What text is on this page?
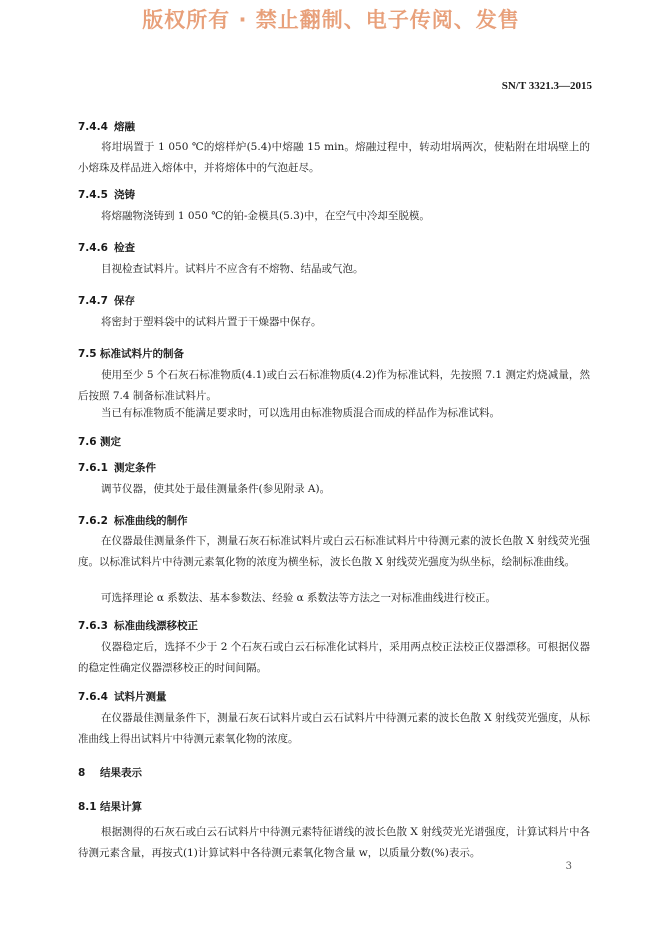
版权所有 · 禁止翻制、电子传阅、发售
SN/T 3321.3—2015
7.4.4 熔融
将坩埚置于 1 050 ℃的熔样炉(5.4)中熔融 15 min。熔融过程中，转动坩埚两次，使粘附在坩埚壁上的小熔珠及样品进入熔体中，并将熔体中的气泡赶尽。
7.4.5 浇铸
将熔融物浇铸到 1 050 ℃的铂-金模具(5.3)中，在空气中冷却至脱模。
7.4.6 检查
目视检查试料片。试料片不应含有不熔物、结晶或气泡。
7.4.7 保存
将密封于塑料袋中的试料片置于干燥器中保存。
7.5 标准试料片的制备
使用至少 5 个石灰石标准物质(4.1)或白云石标准物质(4.2)作为标准试料，先按照 7.1 测定灼烧减量，然后按照 7.4 制备标准试料片。
当已有标准物质不能满足要求时，可以选用由标准物质混合而成的样品作为标准试料。
7.6 测定
7.6.1 测定条件
调节仪器，使其处于最佳测量条件(参见附录 A)。
7.6.2 标准曲线的制作
在仪器最佳测量条件下，测量石灰石标准试料片或白云石标准试料片中待测元素的波长色散 X 射线荧光强度。以标准试料片中待测元素氧化物的浓度为横坐标，波长色散 X 射线荧光强度为纵坐标，绘制标准曲线。
可选择理论 α 系数法、基本参数法、经验 α 系数法等方法之一对标准曲线进行校正。
7.6.3 标准曲线漂移校正
仪器稳定后，选择不少于 2 个石灰石或白云石标准化试料片，采用两点校正法校正仪器漂移。可根据仪器的稳定性确定仪器漂移校正的时间间隔。
7.6.4 试料片测量
在仪器最佳测量条件下，测量石灰石试料片或白云石试料片中待测元素的波长色散 X 射线荧光强度，从标准曲线上得出试料片中待测元素氧化物的浓度。
8 结果表示
8.1 结果计算
根据测得的石灰石或白云石试料片中待测元素特征谱线的波长色散 X 射线荧光光谱强度，计算试料片中各待测元素含量，再按式(1)计算试料中各待测元素氧化物含量 w，以质量分数(%)表示。
3
